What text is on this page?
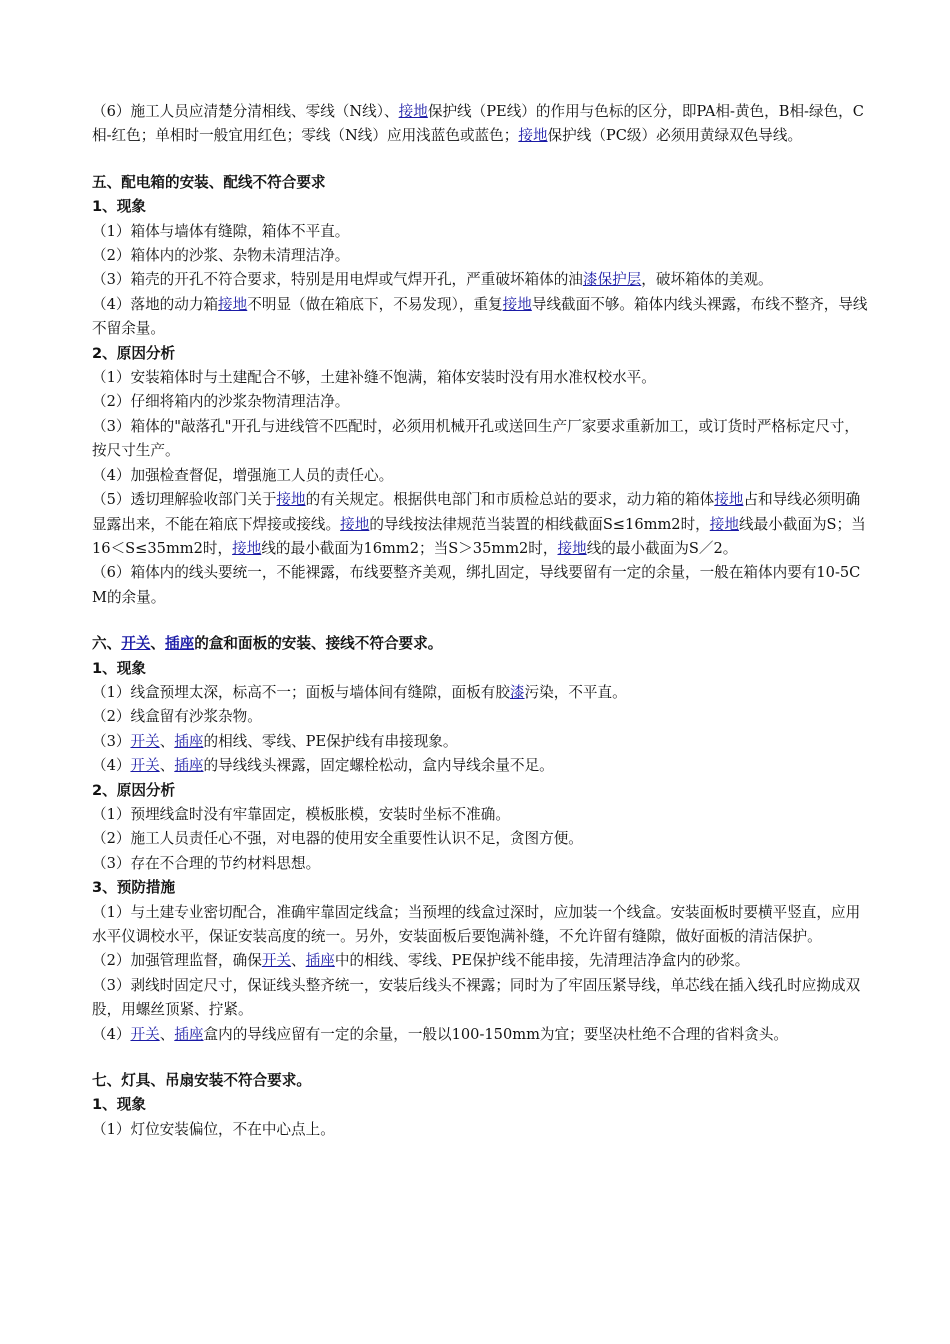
（6）施工人员应清楚分清相线、零线（N线）、接地保护线（PE线）的作用与色标的区分，即PA相-黄色，B相-绿色，C相-红色；单相时一般宜用红色；零线（N线）应用浅蓝色或蓝色；接地保护线（PC级）必须用黄绿双色导线。
五、配电箱的安装、配线不符合要求
1、现象
（1）箱体与墙体有缝隙，箱体不平直。
（2）箱体内的沙浆、杂物未清理洁净。
（3）箱壳的开孔不符合要求，特别是用电焊或气焊开孔，严重破坏箱体的油漆保护层，破坏箱体的美观。
（4）落地的动力箱接地不明显（做在箱底下，不易发现），重复接地导线截面不够。箱体内线头裸露，布线不整齐，导线不留余量。
2、原因分析
（1）安装箱体时与土建配合不够，土建补缝不饱满，箱体安装时没有用水准权校水平。
（2）仔细将箱内的沙浆杂物清理洁净。
（3）箱体的"敲落孔"开孔与进线管不匹配时，必须用机械开孔或送回生产厂家要求重新加工，或订货时严格标定尺寸，按尺寸生产。
（4）加强检查督促，增强施工人员的责任心。
（5）透切理解验收部门关于接地的有关规定。根据供电部门和市质检总站的要求，动力箱的箱体接地占和导线必须明确显露出来，不能在箱底下焊接或接线。接地的导线按法律规范当装置的相线截面S≤16mm2时，接地线最小截面为S；当16＜S≤35mm2时，接地线的最小截面为16mm2；当S＞35mm2时，接地线的最小截面为S／2。
（6）箱体内的线头要统一，不能裸露，布线要整齐美观，绑扎固定，导线要留有一定的余量，一般在箱体内要有10-5CM的余量。
六、开关、插座的盒和面板的安装、接线不符合要求。
1、现象
（1）线盒预埋太深，标高不一；面板与墙体间有缝隙，面板有胶漆污染，不平直。
（2）线盒留有沙浆杂物。
（3）开关、插座的相线、零线、PE保护线有串接现象。
（4）开关、插座的导线线头裸露，固定螺栓松动，盒内导线余量不足。
2、原因分析
（1）预埋线盒时没有牢靠固定，模板胀模，安装时坐标不准确。
（2）施工人员责任心不强，对电器的使用安全重要性认识不足，贪图方便。
（3）存在不合理的节约材料思想。
3、预防措施
（1）与土建专业密切配合，准确牢靠固定线盒；当预埋的线盒过深时，应加装一个线盒。安装面板时要横平竖直，应用水平仪调校水平，保证安装高度的统一。另外，安装面板后要饱满补缝，不允许留有缝隙，做好面板的清洁保护。
（2）加强管理监督，确保开关、插座中的相线、零线、PE保护线不能串接，先清理洁净盒内的砂浆。
（3）剥线时固定尺寸，保证线头整齐统一，安装后线头不裸露；同时为了牢固压紧导线，单芯线在插入线孔时应拗成双股，用螺丝顶紧、拧紧。
（4）开关、插座盒内的导线应留有一定的余量，一般以100-150mm为宜；要坚决杜绝不合理的省料贪头。
七、灯具、吊扇安装不符合要求。
1、现象
（1）灯位安装偏位，不在中心点上。
